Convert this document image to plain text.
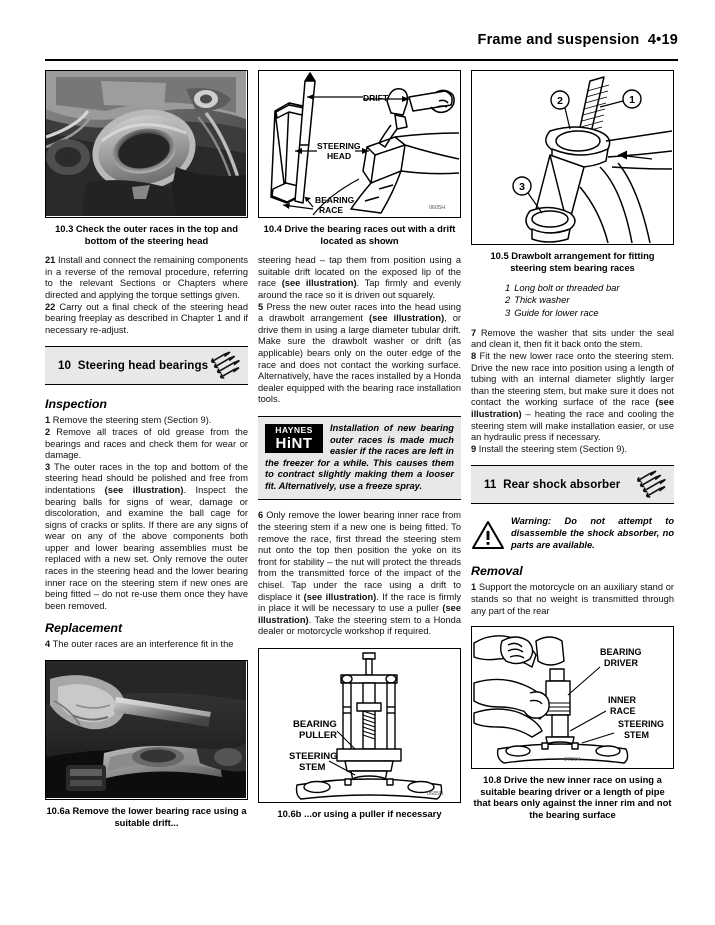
Frame and suspension 4•19
10.3 Check the outer races in the top and bottom of the steering head

21 Install and connect the remaining components in a reverse of the removal procedure, referring to the relevant Sections or Chapters where directed and applying the torque settings given.

22 Carry out a final check of the steering head bearing freeplay as described in Chapter 1 and if necessary re-adjust.

10 Steering head bearings
Inspection

1 Remove the steering stem (Section 9).

2 Remove all traces of old grease from the bearings and races and check them for wear or damage.

3 The outer races in the top and bottom of the steering head should be polished and free from indentations (see illustration). Inspect the bearing balls for signs of wear, damage or discoloration, and examine the ball cage for signs of cracks or splits. If there are any signs of wear on any of the above components both upper and lower bearing assemblies must be replaced with a new set. Only remove the outer races in the steering head and the lower bearing inner race on the steering stem if new ones are being fitted – do not re-use them once they have been removed.

Replacement

4 The outer races are an interference fit in the

10.6a Remove the lower bearing race using a suitable drift...
DRIFT
STEERING
HEAD
BEARING
RACE	0605H
10.4 Drive the bearing races out with a drift located as shown

steering head – tap them from position using a suitable drift located on the exposed lip of the race (see illustration). Tap firmly and evenly around the race so it is driven out squarely.

5 Press the new outer races into the head using a drawbolt arrangement (see illustration), or drive them in using a large diameter tubular drift. Make sure the drawbolt washer or drift (as applicable) bears only on the outer edge of the race and does not contact the working surface. Alternatively, have the races installed by a Honda dealer equipped with the bearing race installation tools.

HAYNES
HiNT
Installation of new bearing outer races is made much easier if the races are left in the freezer for a while. This causes them to contract slightly making them a looser fit. Alternatively, use a freeze spray.

6 Only remove the lower bearing inner race from the steering stem if a new one is being fitted. To remove the race, first thread the steering stem nut onto the top then position the yoke on its front for stability – the nut will protect the threads from the transmitted force of the impact of the chisel. Tap under the race using a drift to displace it (see illustration). If the race is firmly in place it will be necessary to use a puller (see illustration). Take the steering stem to a Honda dealer or motorcycle workshop if required.

BEARING
PULLER
STEERING
STEM
0685H
10.6b ...or using a puller if necessary
1
2
3
10.5 Drawbolt arrangement for fitting steering stem bearing races
1 Long bolt or threaded bar
2 Thick washer
3 Guide for lower race

7 Remove the washer that sits under the seal and clean it, then fit it back onto the stem.

8 Fit the new lower race onto the steering stem. Drive the new race into position using a length of tubing with an internal diameter slightly larger than the steering stem, but make sure it does not contact the working surface of the race (see illustration) – heating the race and cooling the steering stem will make installation easier, or use an hydraulic press if necessary.

9 Install the steering stem (Section 9).

11 Rear shock absorber
Warning: Do not attempt to disassemble the shock absorber, no parts are available.
Removal

1 Support the motorcycle on an auxiliary stand or stands so that no weight is transmitted through any part of the rear

BEARING
DRIVER
INNER
RACE
STEERING
STEM
0709H
10.8 Drive the new inner race on using a suitable bearing driver or a length of pipe that bears only against the inner rim and not the bearing surface
